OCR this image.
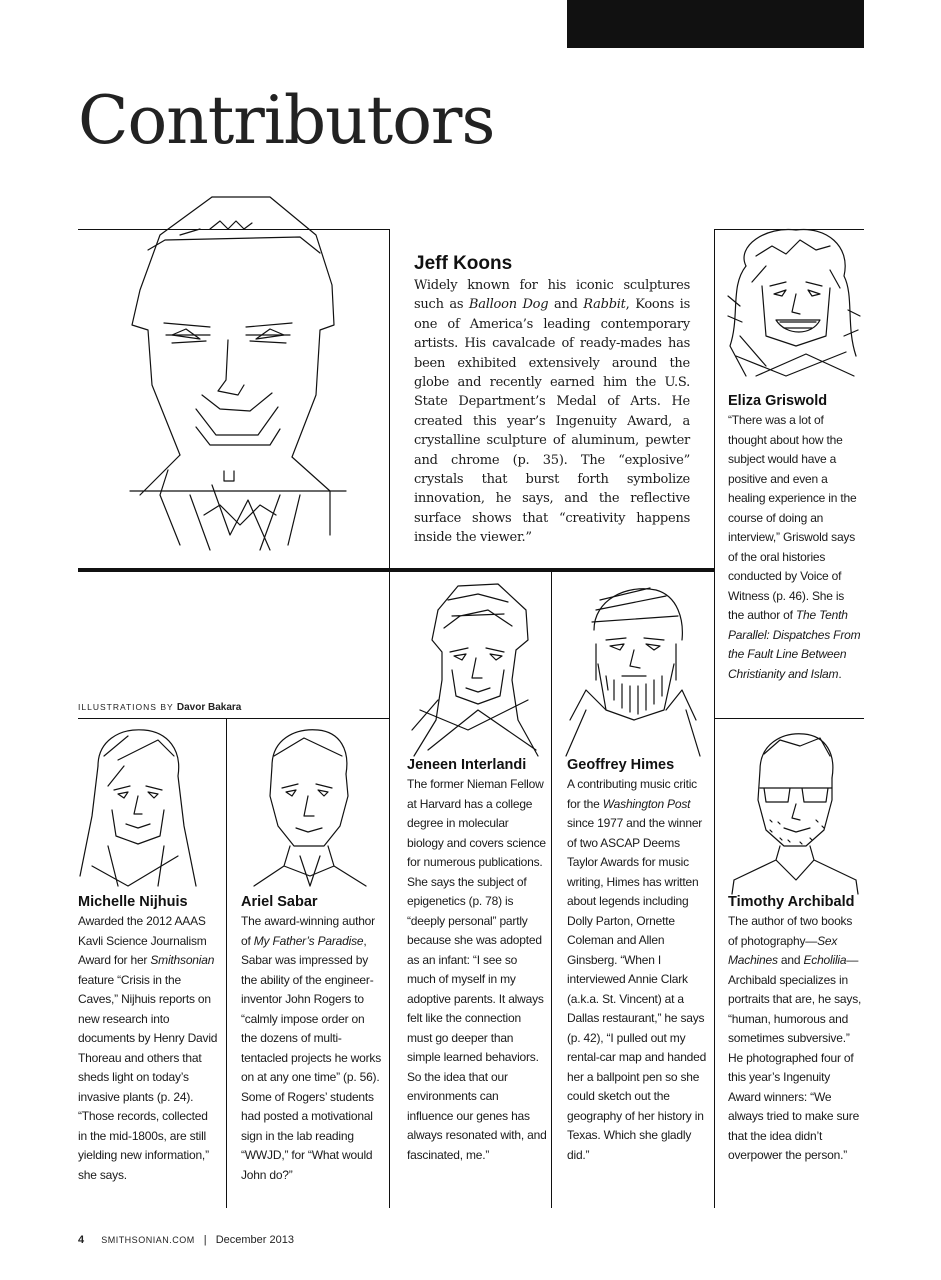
Contributors
Jeff Koons

Widely known for his iconic sculptures such as Balloon Dog and Rabbit, Koons is one of America’s leading contemporary artists. His cavalcade of ready-mades has been exhibited extensively around the globe and recently earned him the U.S. State Department’s Medal of Arts. He created this year’s Ingenuity Award, a crystalline sculpture of aluminum, pewter and chrome (p. 35). The “explosive” crystals that burst forth symbolize innovation, he says, and the reflective surface shows that “creativity happens inside the viewer.”

Eliza Griswold

“There was a lot of thought about how the subject would have a positive and even a healing experience in the course of doing an interview,” Griswold says of the oral histories conducted by Voice of Witness (p. 46). She is the author of The Tenth Parallel: Dispatches From the Fault Line Between Christianity and Islam.

ILLUSTRATIONS BY Davor Bakara
Jeneen Interlandi

The former Nieman Fellow at Harvard has a college degree in molecular biology and covers science for numerous publications. She says the subject of epigenetics (p. 78) is “deeply personal” partly because she was adopted as an infant: “I see so much of myself in my adoptive parents. It always felt like the connection must go deeper than simple learned behaviors. So the idea that our environments can influence our genes has always resonated with, and fascinated, me.”

Geoffrey Himes

A contributing music critic for the Washington Post since 1977 and the winner of two ASCAP Deems Taylor Awards for music writing, Himes has written about legends including Dolly Parton, Ornette Coleman and Allen Ginsberg. “When I interviewed Annie Clark (a.k.a. St. Vincent) at a Dallas restaurant,” he says (p. 42), “I pulled out my rental-car map and handed her a ballpoint pen so she could sketch out the geography of her history in Texas. Which she gladly did.”

Michelle Nijhuis

Awarded the 2012 AAAS Kavli Science Journalism Award for her Smithsonian feature “Crisis in the Caves,” Nijhuis reports on new research into documents by Henry David Thoreau and others that sheds light on today’s invasive plants (p. 24). “Those records, collected in the mid-1800s, are still yielding new information,” she says.

Ariel Sabar

The award-winning author of My Father’s Paradise, Sabar was impressed by the ability of the engineer-inventor John Rogers to “calmly impose order on the dozens of multi-tentacled projects he works on at any one time” (p. 56). Some of Rogers’ students had posted a motivational sign in the lab reading “WWJD,” for “What would John do?”

Timothy Archibald

The author of two books of photography—Sex Machines and Echolilia—Archibald specializes in portraits that are, he says, “human, humorous and sometimes subversive.” He photographed four of this year’s Ingenuity Award winners: “We always tried to make sure that the idea didn’t overpower the person.”

4 SMITHSONIAN.COM | December 2013
